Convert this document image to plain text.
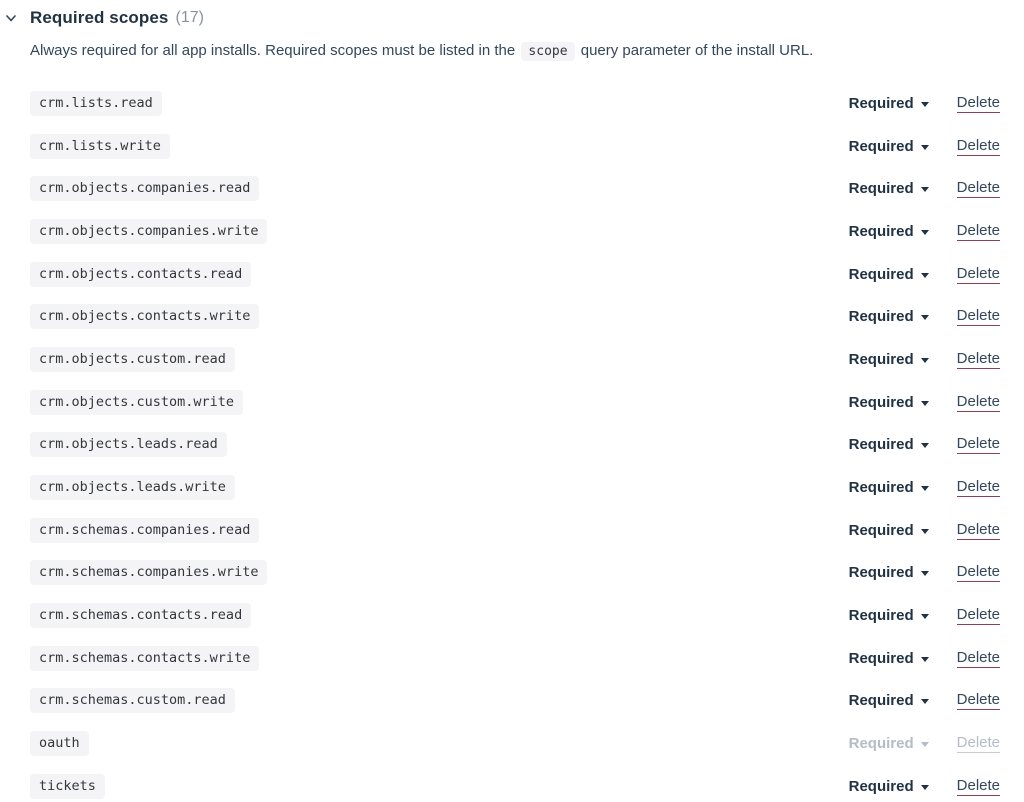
Required scopes (17)
Always required for all app installs. Required scopes must be listed in the scope query parameter of the install URL.
crm.lists.read	Required	Delete
crm.lists.write	Required	Delete
crm.objects.companies.read	Required	Delete
crm.objects.companies.write	Required	Delete
crm.objects.contacts.read	Required	Delete
crm.objects.contacts.write	Required	Delete
crm.objects.custom.read	Required	Delete
crm.objects.custom.write	Required	Delete
crm.objects.leads.read	Required	Delete
crm.objects.leads.write	Required	Delete
crm.schemas.companies.read	Required	Delete
crm.schemas.companies.write	Required	Delete
crm.schemas.contacts.read	Required	Delete
crm.schemas.contacts.write	Required	Delete
crm.schemas.custom.read	Required	Delete
oauth	Required	Delete
tickets	Required	Delete
